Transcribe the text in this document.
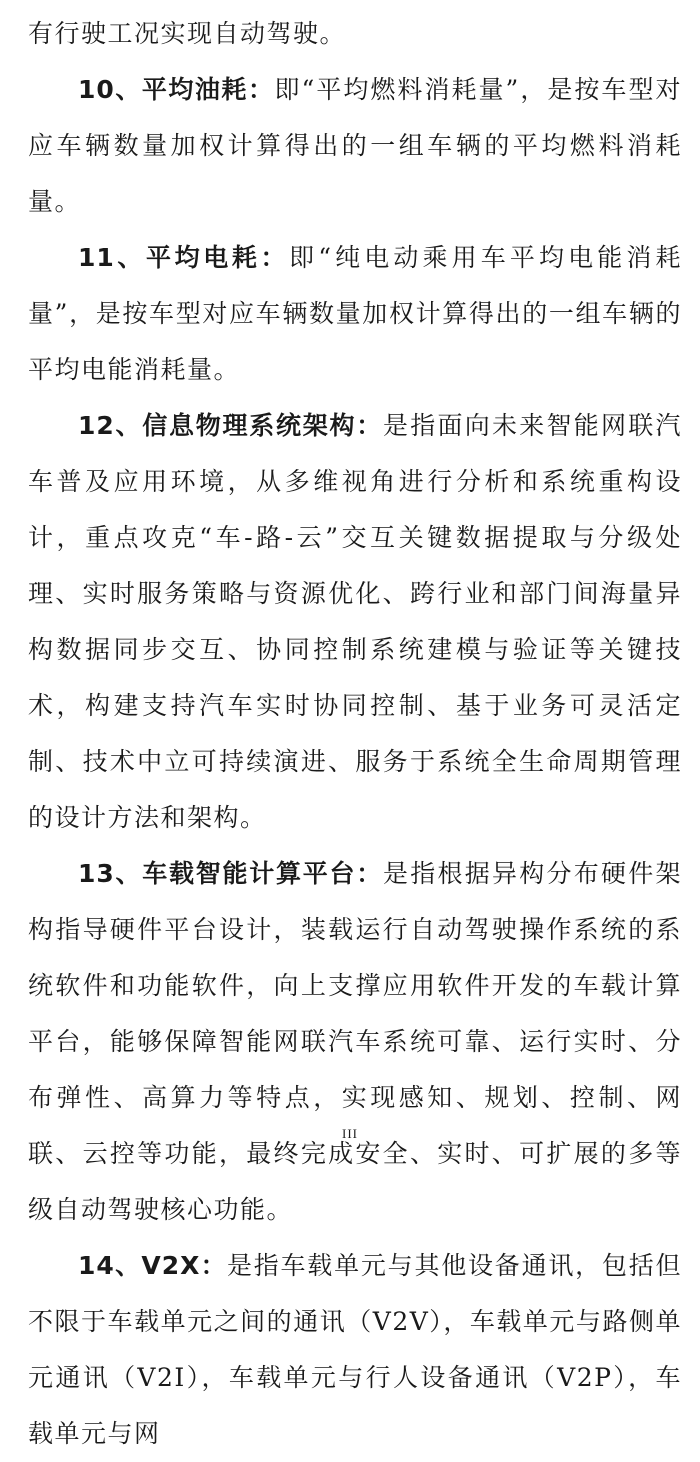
有行驶工况实现自动驾驶。

10、平均油耗：即“平均燃料消耗量”，是按车型对应车辆数量加权计算得出的一组车辆的平均燃料消耗量。

11、平均电耗：即“纯电动乘用车平均电能消耗量”，是按车型对应车辆数量加权计算得出的一组车辆的平均电能消耗量。

12、信息物理系统架构：是指面向未来智能网联汽车普及应用环境，从多维视角进行分析和系统重构设计，重点攻克“车-路-云”交互关键数据提取与分级处理、实时服务策略与资源优化、跨行业和部门间海量异构数据同步交互、协同控制系统建模与验证等关键技术，构建支持汽车实时协同控制、基于业务可灵活定制、技术中立可持续演进、服务于系统全生命周期管理的设计方法和架构。

13、车载智能计算平台：是指根据异构分布硬件架构指导硬件平台设计，装载运行自动驾驶操作系统的系统软件和功能软件，向上支撑应用软件开发的车载计算平台，能够保障智能网联汽车系统可靠、运行实时、分布弹性、高算力等特点，实现感知、规划、控制、网联、云控等功能，最终完成安全、实时、可扩展的多等级自动驾驶核心功能。

14、V2X：是指车载单元与其他设备通讯，包括但不限于车载单元之间的通讯（V2V），车载单元与路侧单元通讯（V2I），车载单元与行人设备通讯（V2P），车载单元与网

III
